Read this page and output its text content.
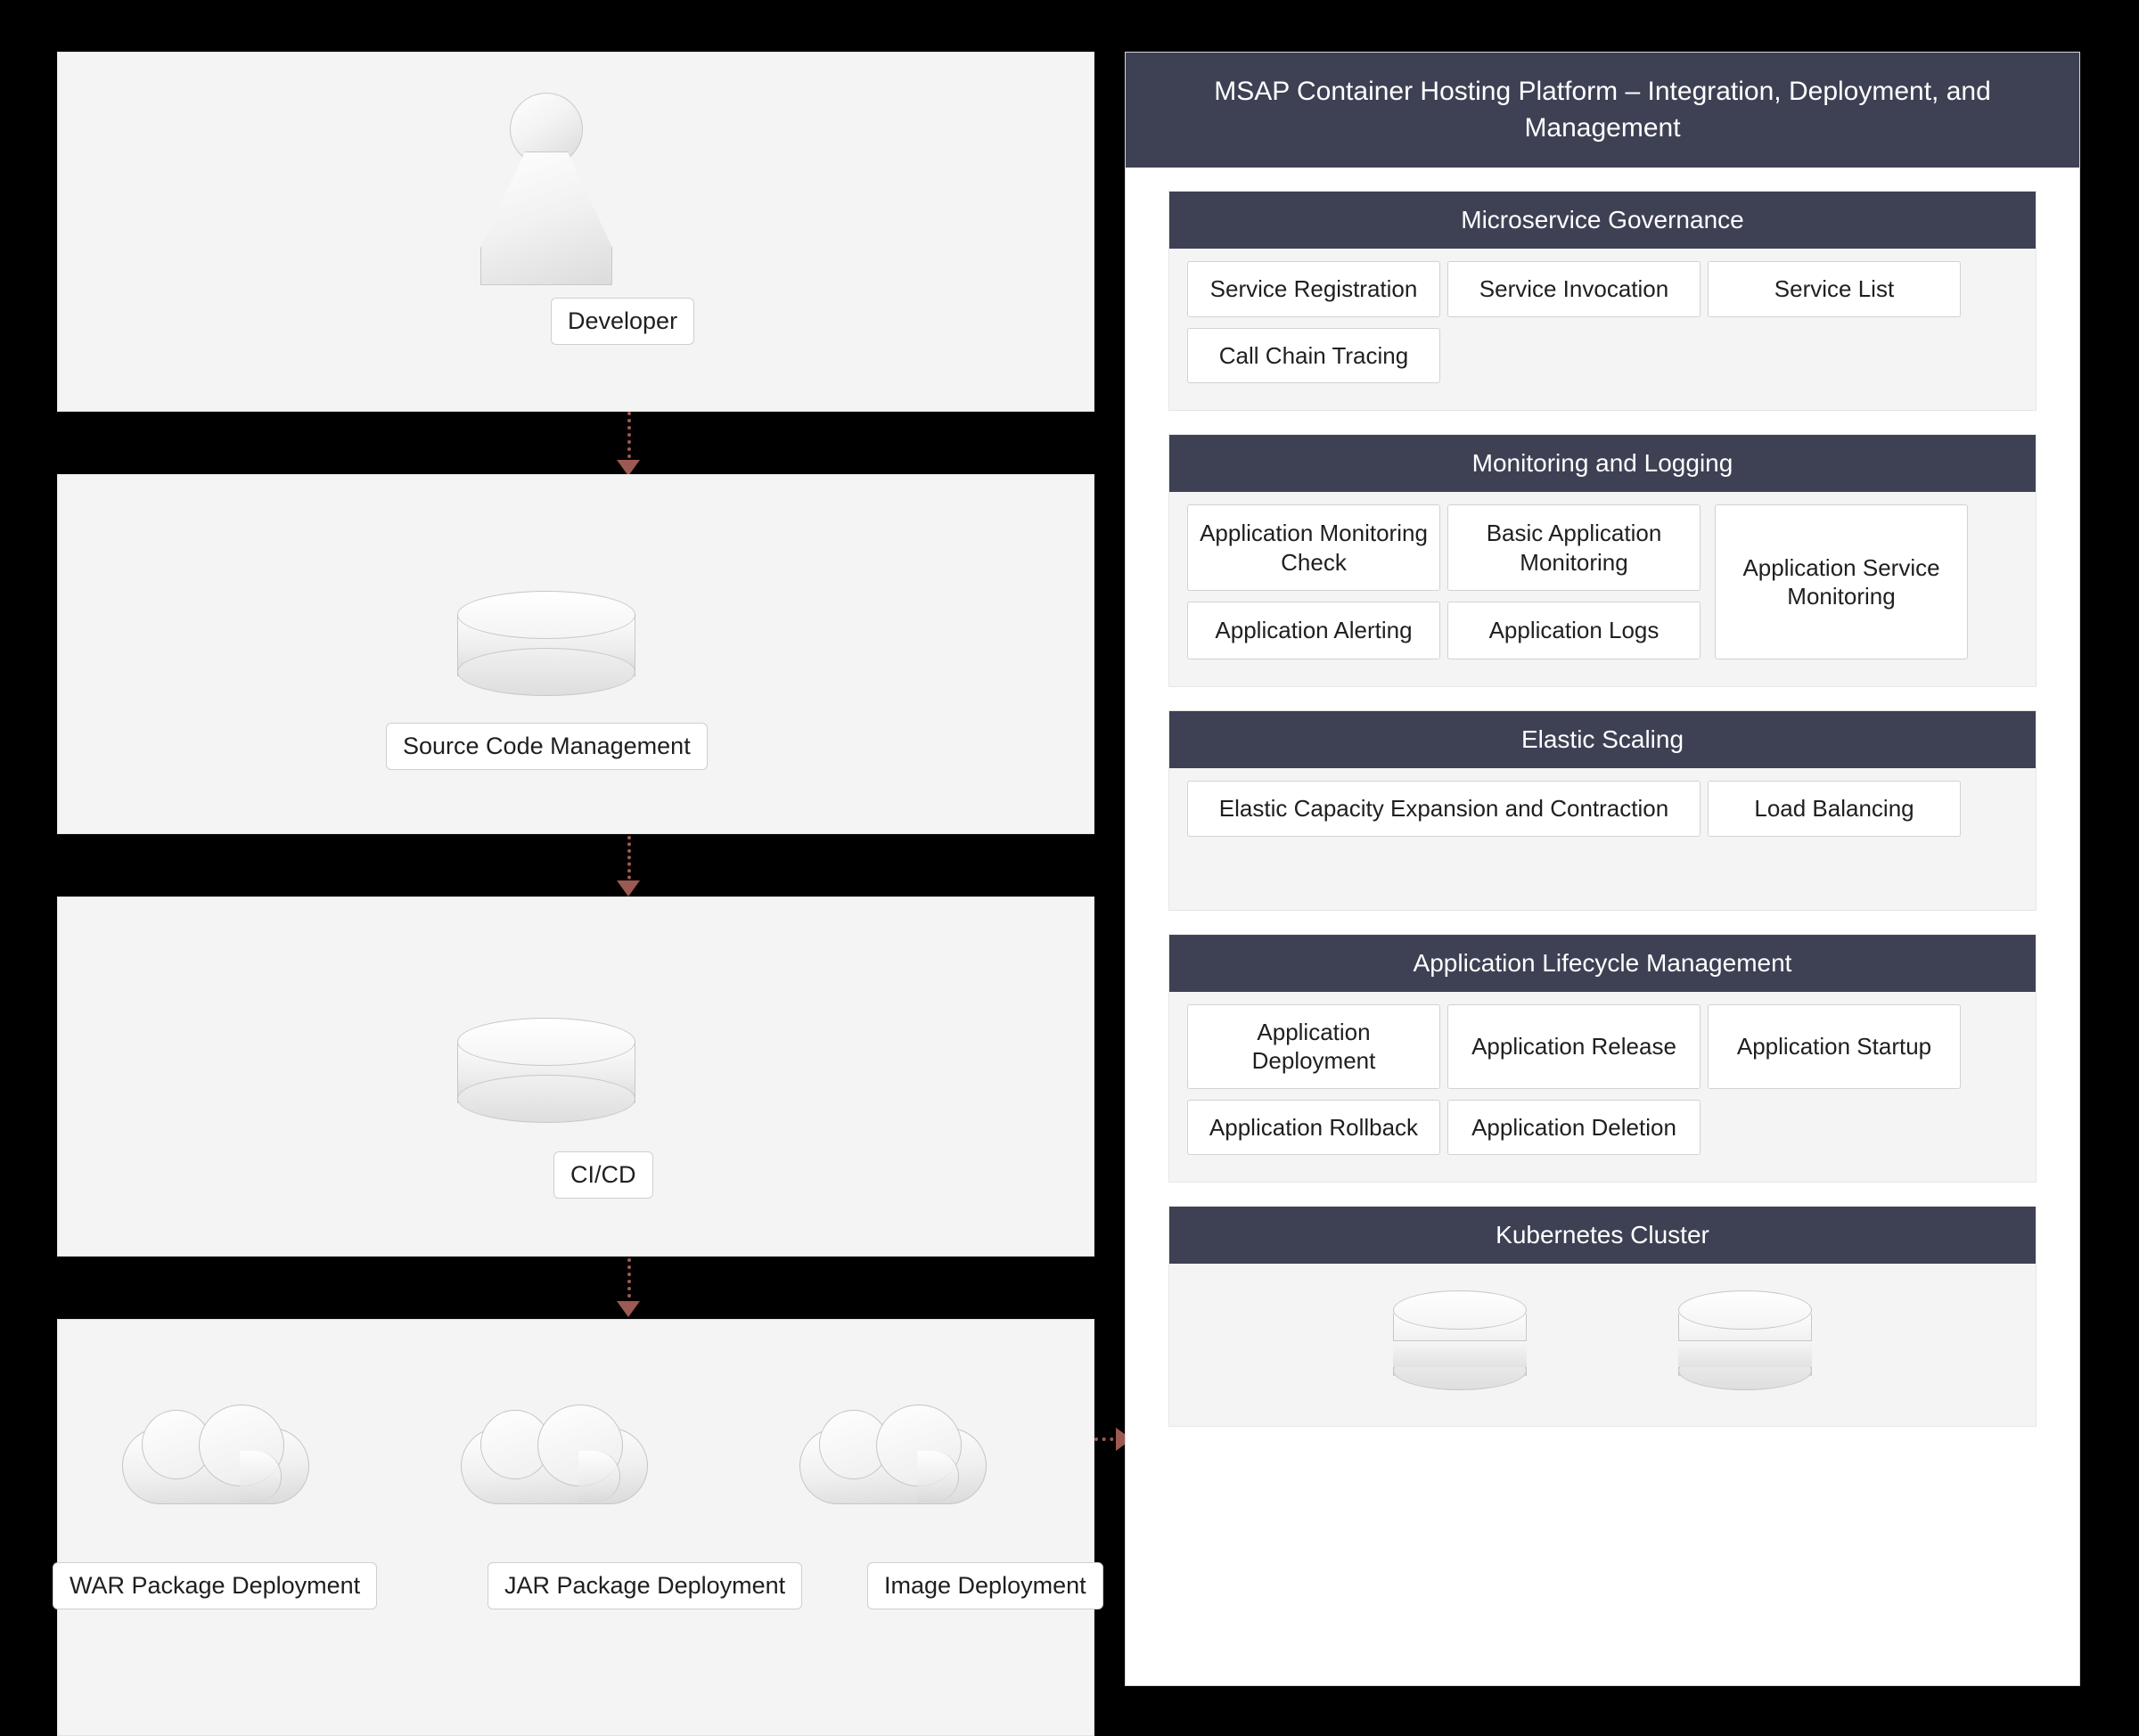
Developer
Source Code Management
CI/CD
WAR Package Deployment	JAR Package Deployment	Image Deployment
MSAP Container Hosting Platform – Integration, Deployment, and Management
Microservice Governance
Service Registration	Service Invocation	Service List
Call Chain Tracing
Monitoring and Logging
Application Monitoring Check
Basic Application Monitoring
Application Alerting	Application Logs
Application Service Monitoring
Elastic Scaling
Elastic Capacity Expansion and Contraction	Load Balancing
Application Lifecycle Management
Application Deployment
Application Release	Application Startup
Application Rollback	Application Deletion
Kubernetes Cluster
